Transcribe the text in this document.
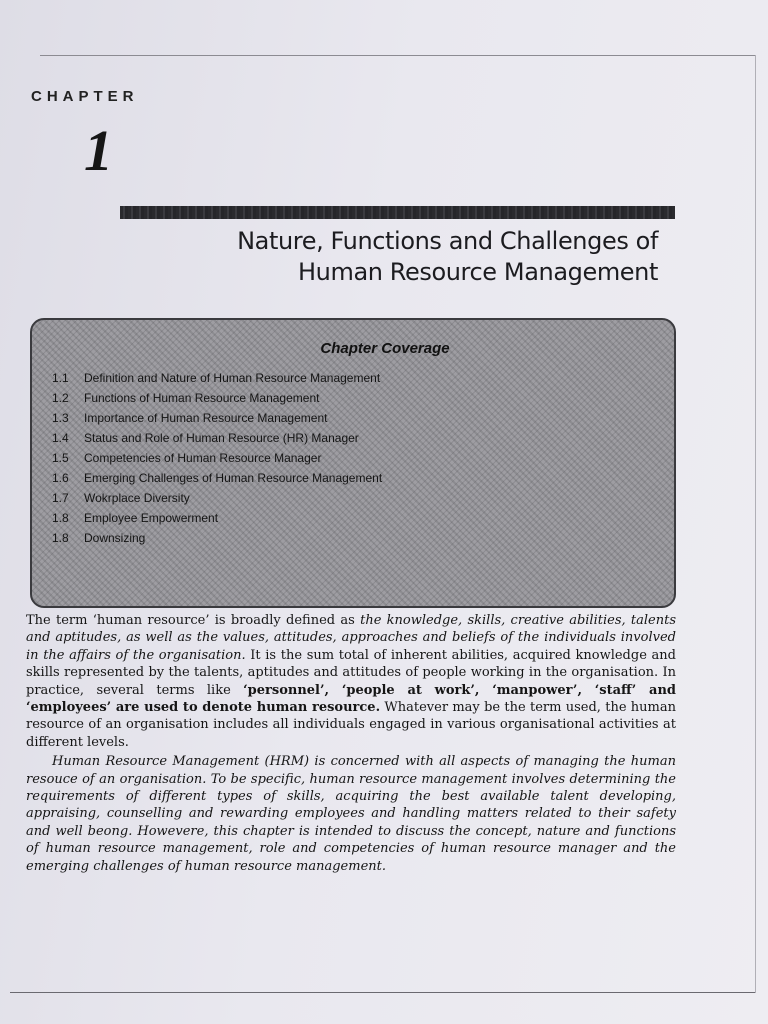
CHAPTER
1
Nature, Functions and Challenges of
Human Resource Management
Chapter Coverage
1.1 Definition and Nature of Human Resource Management
1.2 Functions of Human Resource Management
1.3 Importance of Human Resource Management
1.4 Status and Role of Human Resource (HR) Manager
1.5 Competencies of Human Resource Manager
1.6 Emerging Challenges of Human Resource Management
1.7 Wokrplace Diversity
1.8 Employee Empowerment
1.8 Downsizing

The term ‘human resource’ is broadly defined as the knowledge, skills, creative abilities, talents and aptitudes, as well as the values, attitudes, approaches and beliefs of the individuals involved in the affairs of the organisation. It is the sum total of inherent abilities, acquired knowledge and skills represented by the talents, aptitudes and attitudes of people working in the organisation. In practice, several terms like ‘personnel’, ‘people at work’, ‘manpower’, ‘staff’ and ‘employees’ are used to denote human resource. Whatever may be the term used, the human resource of an organisation includes all individuals engaged in various organisational activities at different levels.

Human Resource Management (HRM) is concerned with all aspects of managing the human resouce of an organisation. To be specific, human resource management involves determining the requirements of different types of skills, acquiring the best available talent developing, appraising, counselling and rewarding employees and handling matters related to their safety and well beong. Howevere, this chapter is intended to discuss the concept, nature and functions of human resource management, role and competencies of human resource manager and the emerging challenges of human resource management.
